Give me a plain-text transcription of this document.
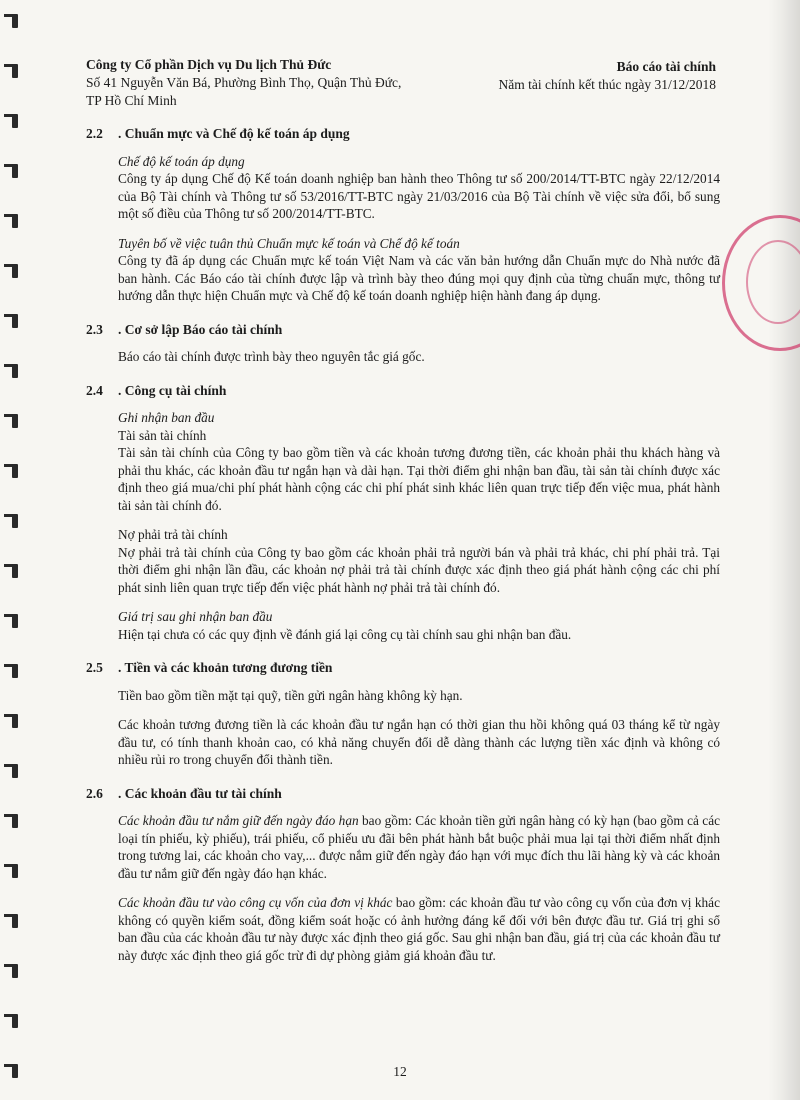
Công ty Cổ phần Dịch vụ Du lịch Thủ Đức
Số 41 Nguyễn Văn Bá, Phường Bình Thọ, Quận Thủ Đức,
TP Hồ Chí Minh
Báo cáo tài chính
Năm tài chính kết thúc ngày 31/12/2018
2.2	. Chuẩn mực và Chế độ kế toán áp dụng
Chế độ kế toán áp dụng

Công ty áp dụng Chế độ Kế toán doanh nghiệp ban hành theo Thông tư số 200/2014/TT-BTC ngày 22/12/2014 của Bộ Tài chính và Thông tư số 53/2016/TT-BTC ngày 21/03/2016 của Bộ Tài chính về việc sửa đổi, bổ sung một số điều của Thông tư số 200/2014/TT-BTC.

Tuyên bố về việc tuân thủ Chuẩn mực kế toán và Chế độ kế toán

Công ty đã áp dụng các Chuẩn mực kế toán Việt Nam và các văn bản hướng dẫn Chuẩn mực do Nhà nước đã ban hành. Các Báo cáo tài chính được lập và trình bày theo đúng mọi quy định của từng chuẩn mực, thông tư hướng dẫn thực hiện Chuẩn mực và Chế độ kế toán doanh nghiệp hiện hành đang áp dụng.

2.3	. Cơ sở lập Báo cáo tài chính

Báo cáo tài chính được trình bày theo nguyên tắc giá gốc.

2.4	. Công cụ tài chính
Ghi nhận ban đầu
Tài sản tài chính

Tài sản tài chính của Công ty bao gồm tiền và các khoản tương đương tiền, các khoản phải thu khách hàng và phải thu khác, các khoản đầu tư ngắn hạn và dài hạn. Tại thời điểm ghi nhận ban đầu, tài sản tài chính được xác định theo giá mua/chi phí phát hành cộng các chi phí phát sinh khác liên quan trực tiếp đến việc mua, phát hành tài sản tài chính đó.

Nợ phải trả tài chính

Nợ phải trả tài chính của Công ty bao gồm các khoản phải trả người bán và phải trả khác, chi phí phải trả. Tại thời điểm ghi nhận lần đầu, các khoản nợ phải trả tài chính được xác định theo giá phát hành cộng các chi phí phát sinh liên quan trực tiếp đến việc phát hành nợ phải trả tài chính đó.

Giá trị sau ghi nhận ban đầu

Hiện tại chưa có các quy định về đánh giá lại công cụ tài chính sau ghi nhận ban đầu.

2.5	. Tiền và các khoản tương đương tiền

Tiền bao gồm tiền mặt tại quỹ, tiền gửi ngân hàng không kỳ hạn.

Các khoản tương đương tiền là các khoản đầu tư ngắn hạn có thời gian thu hồi không quá 03 tháng kể từ ngày đầu tư, có tính thanh khoản cao, có khả năng chuyển đổi dễ dàng thành các lượng tiền xác định và không có nhiều rủi ro trong chuyển đổi thành tiền.

2.6	. Các khoản đầu tư tài chính

Các khoản đầu tư nắm giữ đến ngày đáo hạn bao gồm: Các khoản tiền gửi ngân hàng có kỳ hạn (bao gồm cả các loại tín phiếu, kỳ phiếu), trái phiếu, cổ phiếu ưu đãi bên phát hành bắt buộc phải mua lại tại thời điểm nhất định trong tương lai, các khoản cho vay,... được nắm giữ đến ngày đáo hạn với mục đích thu lãi hàng kỳ và các khoản đầu tư nắm giữ đến ngày đáo hạn khác.

Các khoản đầu tư vào công cụ vốn của đơn vị khác bao gồm: các khoản đầu tư vào công cụ vốn của đơn vị khác không có quyền kiểm soát, đồng kiểm soát hoặc có ảnh hưởng đáng kể đối với bên được đầu tư. Giá trị ghi sổ ban đầu của các khoản đầu tư này được xác định theo giá gốc. Sau ghi nhận ban đầu, giá trị của các khoản đầu tư này được xác định theo giá gốc trừ đi dự phòng giảm giá khoản đầu tư.

12
